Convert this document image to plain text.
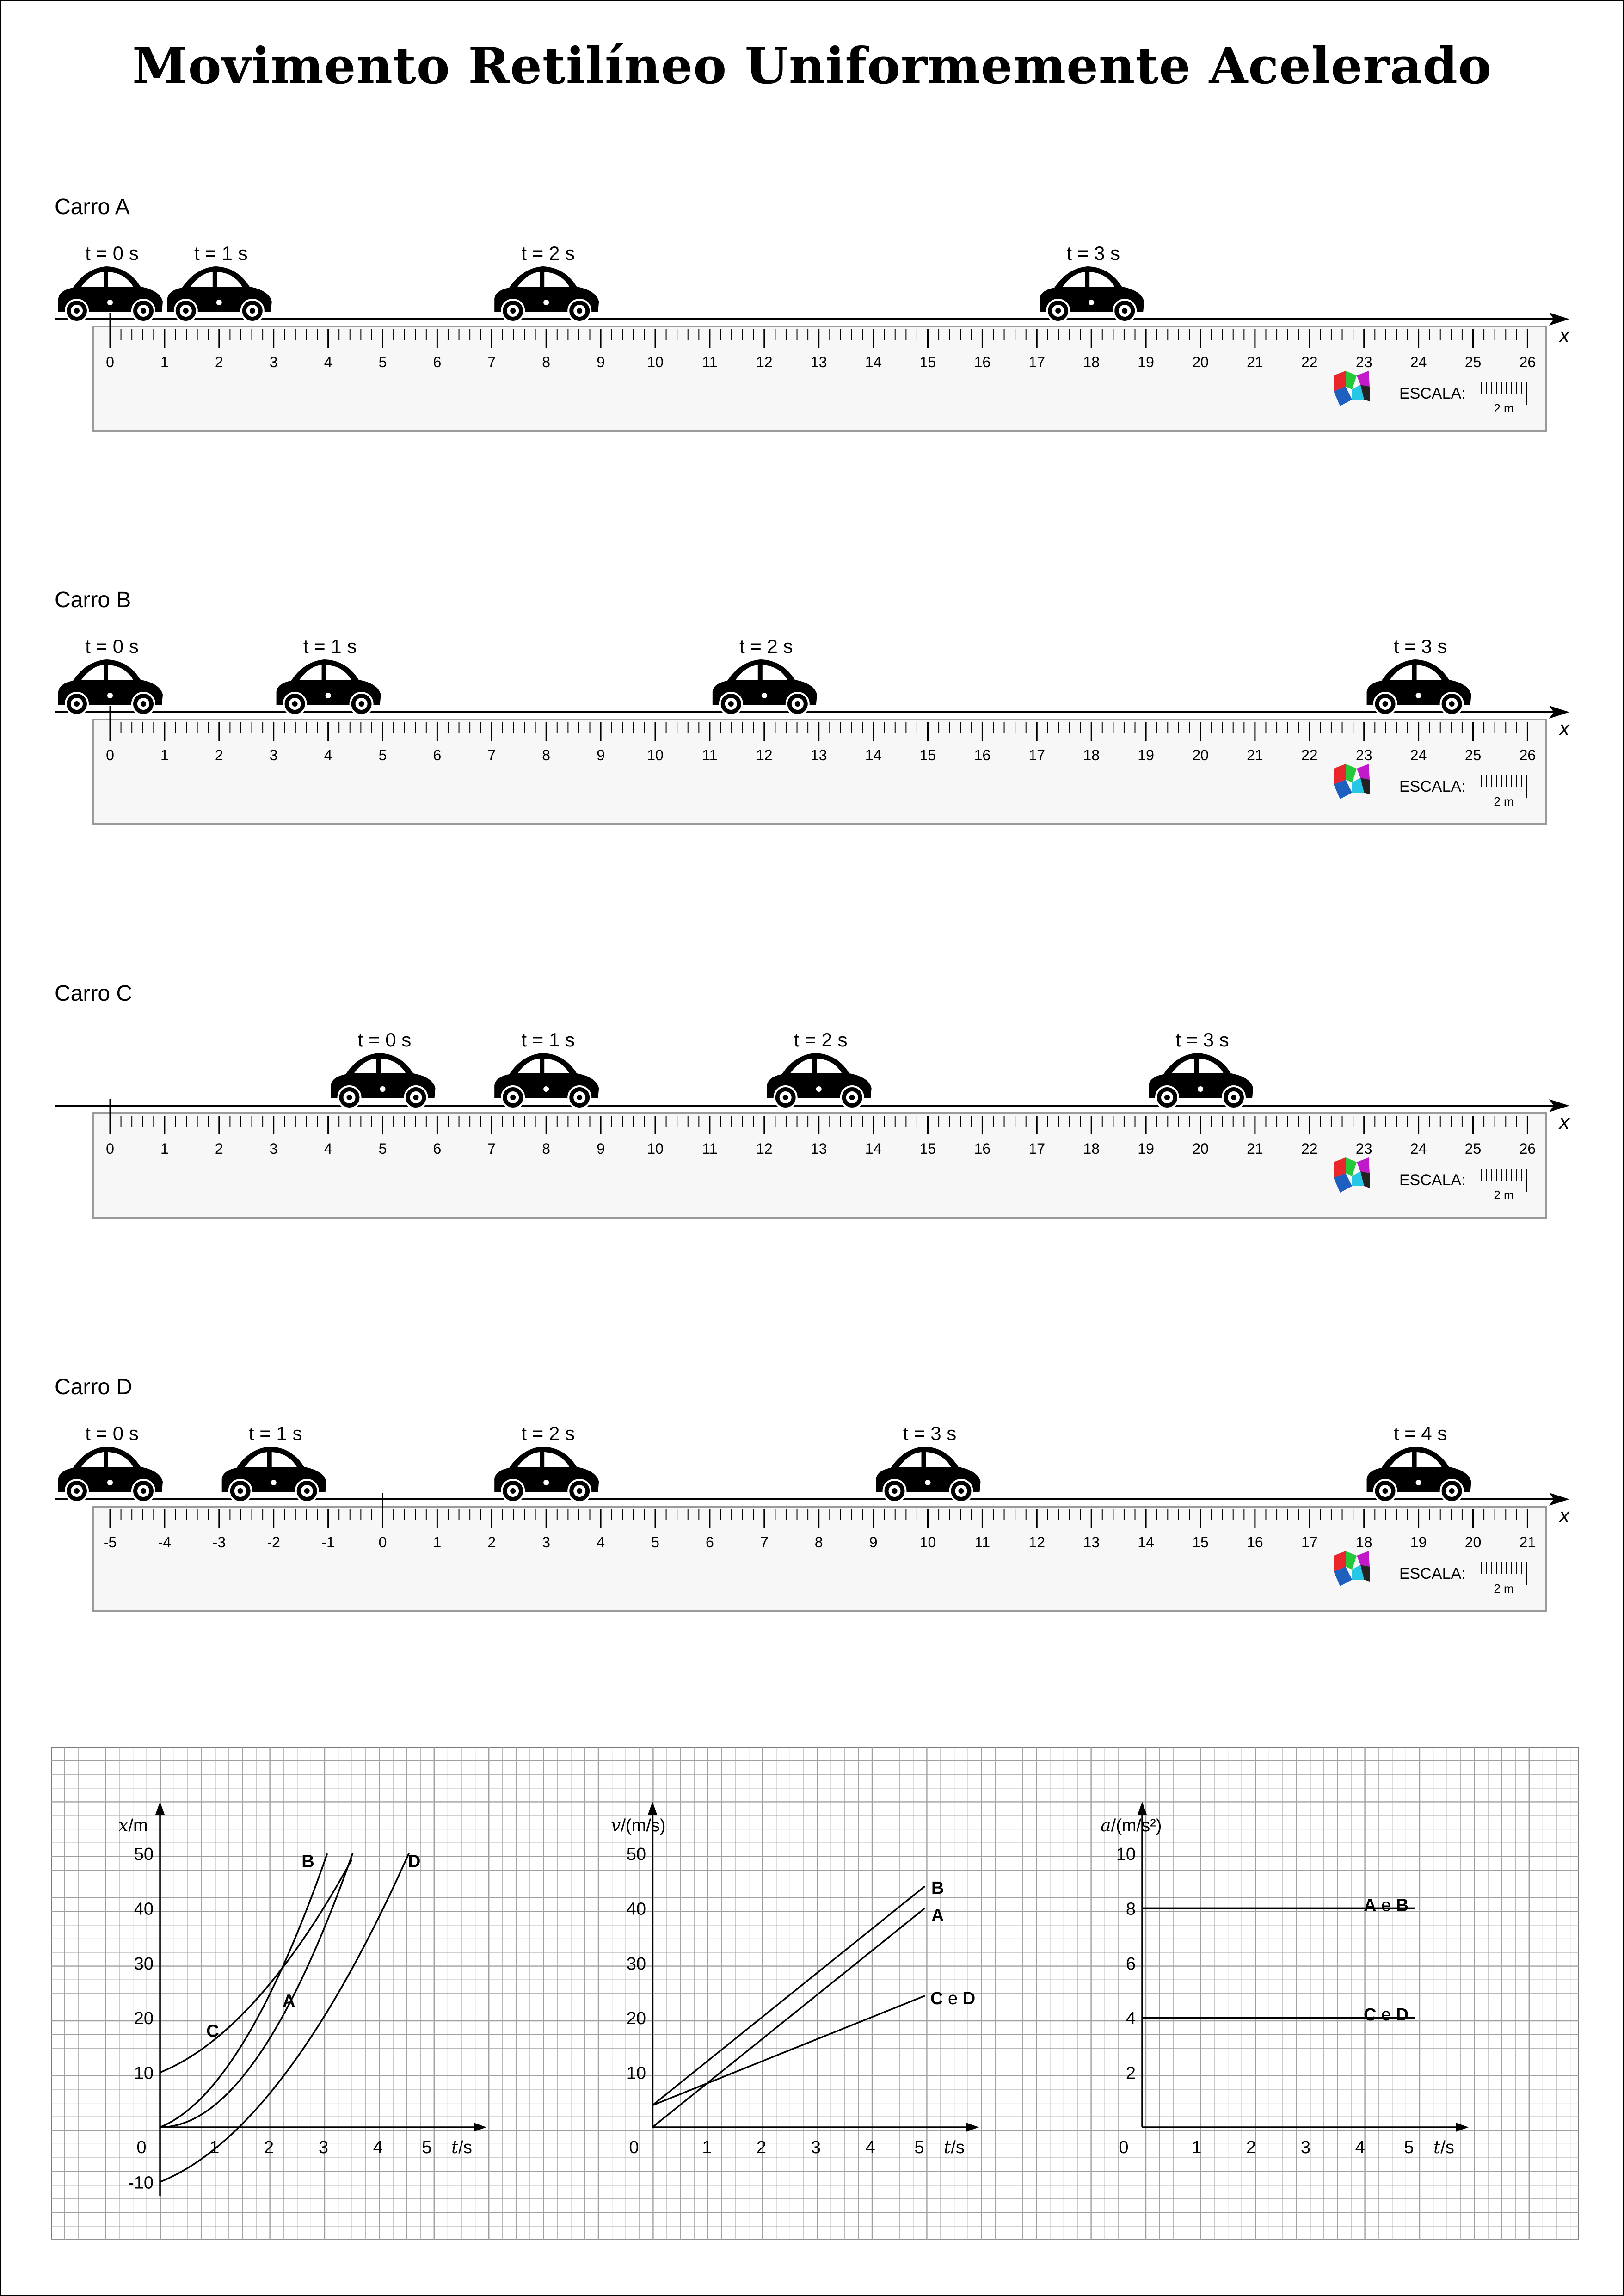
Movimento Retilíneo Uniformemente Acelerado
Carro A
x
0	1	2	3	4	5	6	7	8	9	10	11	12	13	14	15	16	17	18	19	20	21	22	23	24	25	26
ESCALA:
2 m
t = 0 s	t = 1 s	t = 2 s	t = 3 s
Carro B
x
0	1	2	3	4	5	6	7	8	9	10	11	12	13	14	15	16	17	18	19	20	21	22	23	24	25	26
ESCALA:
2 m
t = 0 s	t = 1 s	t = 2 s	t = 3 s
Carro C
x
0	1	2	3	4	5	6	7	8	9	10	11	12	13	14	15	16	17	18	19	20	21	22	23	24	25	26
ESCALA:
2 m
t = 0 s	t = 1 s	t = 2 s	t = 3 s
Carro D
x
-5	-4	-3	-2	-1	0	1	2	3	4	5	6	7	8	9	10	11	12	13	14	15	16	17	18	19	20	21
ESCALA:
2 m
t = 0 s	t = 1 s	t = 2 s	t = 3 s	t = 4 s
x/m
t/s
0	1	2	3	4 5
-10
10
20
30
40
50
A
B
C
D
v/(m/s)
t/s
0	1	2	3	4 5
10
20
30
40
50
B
A
C e D
a/(m/s²)
t/s
0	1	2	3	4 5
2
4
6
8
10
A e B
C e D
